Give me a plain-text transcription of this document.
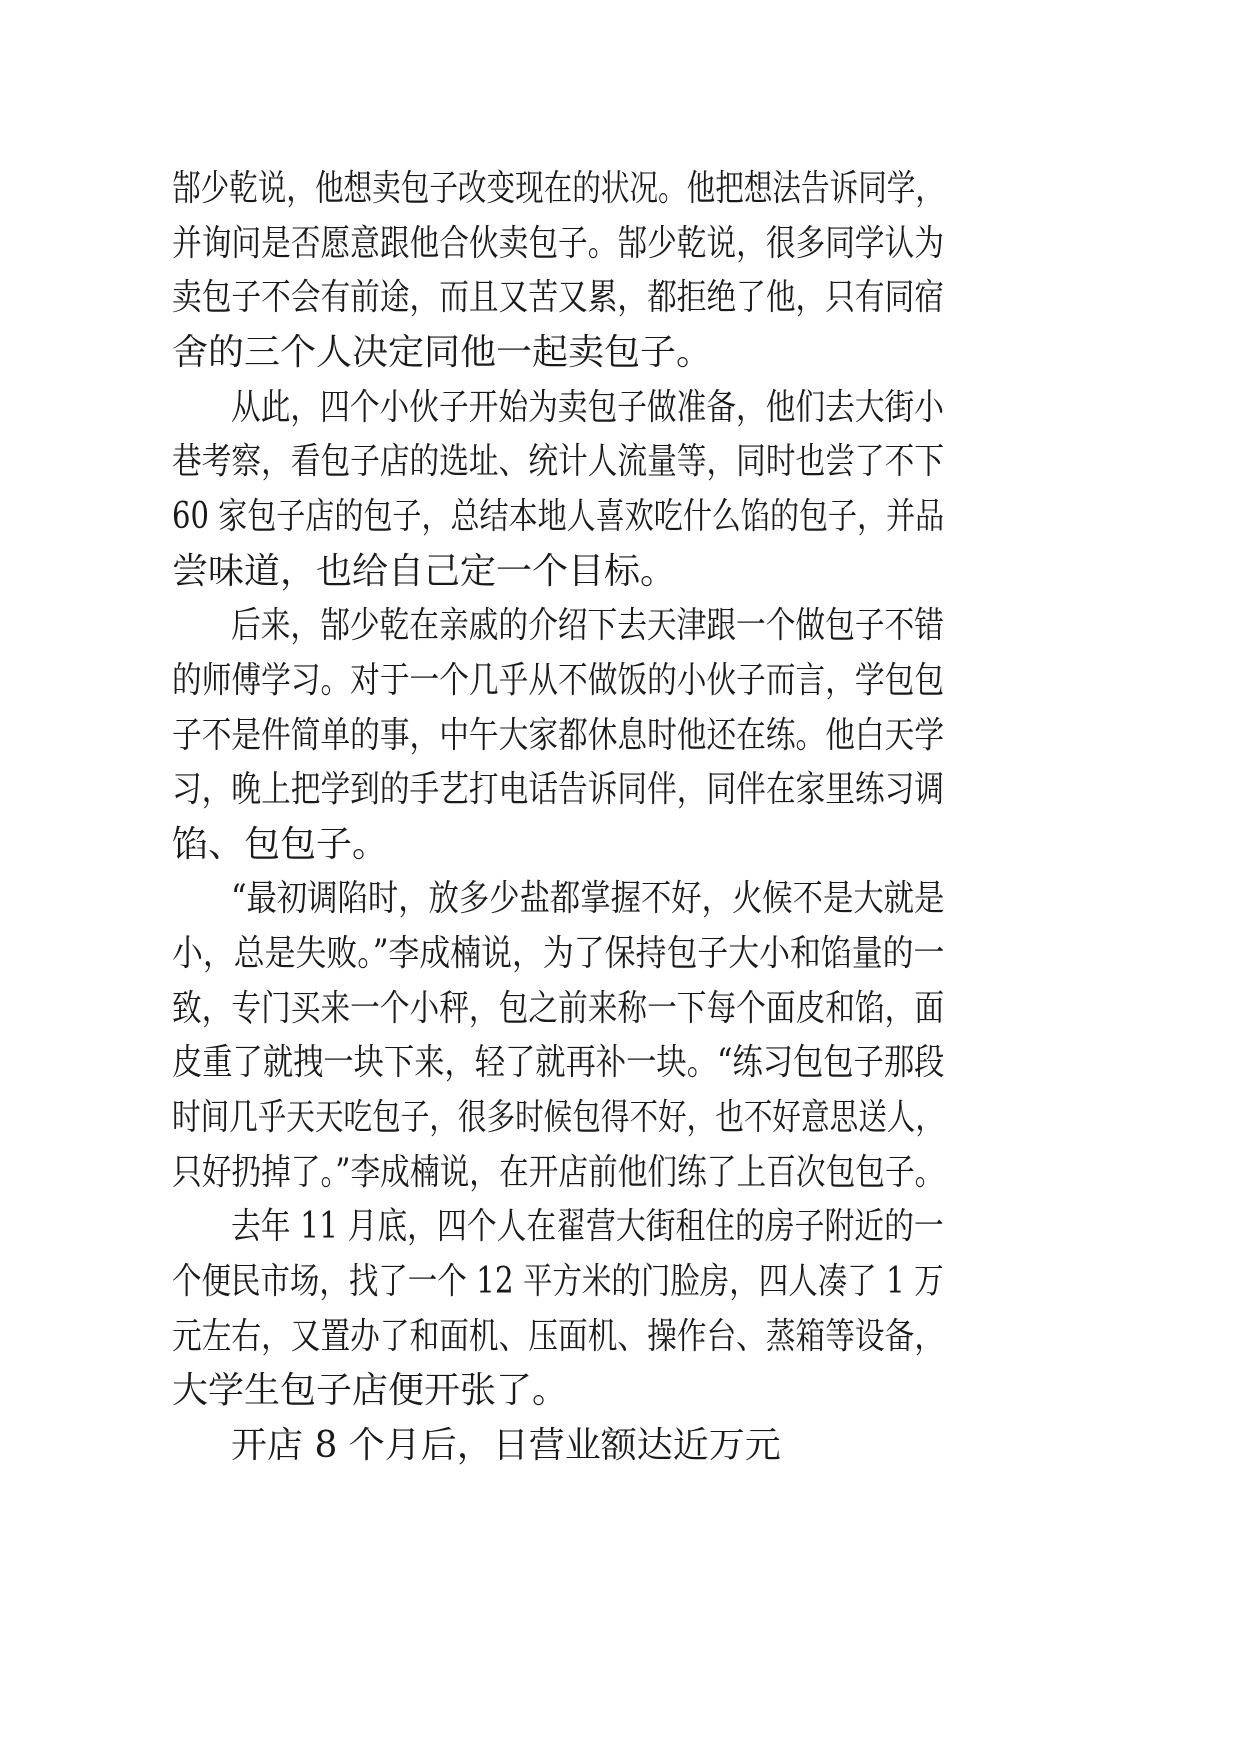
郜少乾说，他想卖包子改变现在的状况。他把想法告诉同学，
并询问是否愿意跟他合伙卖包子。郜少乾说，很多同学认为
卖包子不会有前途，而且又苦又累，都拒绝了他，只有同宿
舍的三个人决定同他一起卖包子。
从此，四个小伙子开始为卖包子做准备，他们去大街小
巷考察，看包子店的选址、统计人流量等，同时也尝了不下
60 家包子店的包子，总结本地人喜欢吃什么馅的包子，并品
尝味道，也给自己定一个目标。
后来，郜少乾在亲戚的介绍下去天津跟一个做包子不错
的师傅学习。对于一个几乎从不做饭的小伙子而言，学包包
子不是件简单的事，中午大家都休息时他还在练。他白天学
习，晚上把学到的手艺打电话告诉同伴，同伴在家里练习调
馅、包包子。
“最初调陷时，放多少盐都掌握不好，火候不是大就是
小，总是失败。”李成楠说，为了保持包子大小和馅量的一
致，专门买来一个小秤，包之前来称一下每个面皮和馅，面
皮重了就拽一块下来，轻了就再补一块。“练习包包子那段
时间几乎天天吃包子，很多时候包得不好，也不好意思送人，
只好扔掉了。”李成楠说，在开店前他们练了上百次包包子。
去年 11 月底，四个人在翟营大街租住的房子附近的一
个便民市场，找了一个 12 平方米的门脸房，四人凑了 1 万
元左右，又置办了和面机、压面机、操作台、蒸箱等设备，
大学生包子店便开张了。
开店 8 个月后，日营业额达近万元
